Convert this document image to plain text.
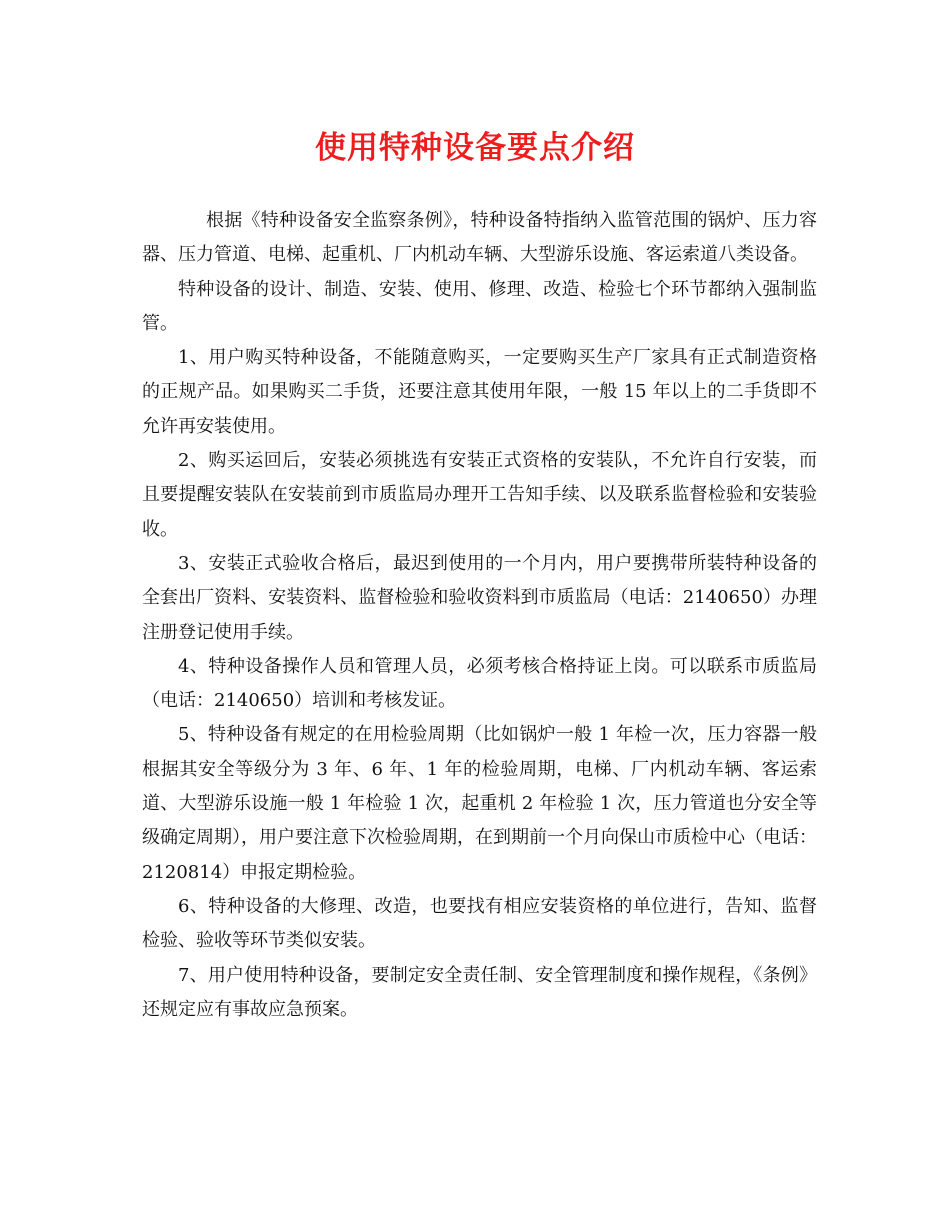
使用特种设备要点介绍

根据《特种设备安全监察条例》，特种设备特指纳入监管范围的锅炉、压力容器、压力管道、电梯、起重机、厂内机动车辆、大型游乐设施、客运索道八类设备。

特种设备的设计、制造、安装、使用、修理、改造、检验七个环节都纳入强制监管。

1、用户购买特种设备，不能随意购买，一定要购买生产厂家具有正式制造资格的正规产品。如果购买二手货，还要注意其使用年限，一般 15 年以上的二手货即不允许再安装使用。

2、购买运回后，安装必须挑选有安装正式资格的安装队，不允许自行安装，而且要提醒安装队在安装前到市质监局办理开工告知手续、以及联系监督检验和安装验收。

3、安装正式验收合格后，最迟到使用的一个月内，用户要携带所装特种设备的全套出厂资料、安装资料、监督检验和验收资料到市质监局（电话：2140650）办理注册登记使用手续。

4、特种设备操作人员和管理人员，必须考核合格持证上岗。可以联系市质监局（电话：2140650）培训和考核发证。

5、特种设备有规定的在用检验周期（比如锅炉一般 1 年检一次，压力容器一般根据其安全等级分为 3 年、6 年、1 年的检验周期，电梯、厂内机动车辆、客运索道、大型游乐设施一般 1 年检验 1 次，起重机 2 年检验 1 次，压力管道也分安全等级确定周期），用户要注意下次检验周期，在到期前一个月向保山市质检中心（电话：2120814）申报定期检验。

6、特种设备的大修理、改造，也要找有相应安装资格的单位进行，告知、监督检验、验收等环节类似安装。

7、用户使用特种设备，要制定安全责任制、安全管理制度和操作规程，《条例》还规定应有事故应急预案。
